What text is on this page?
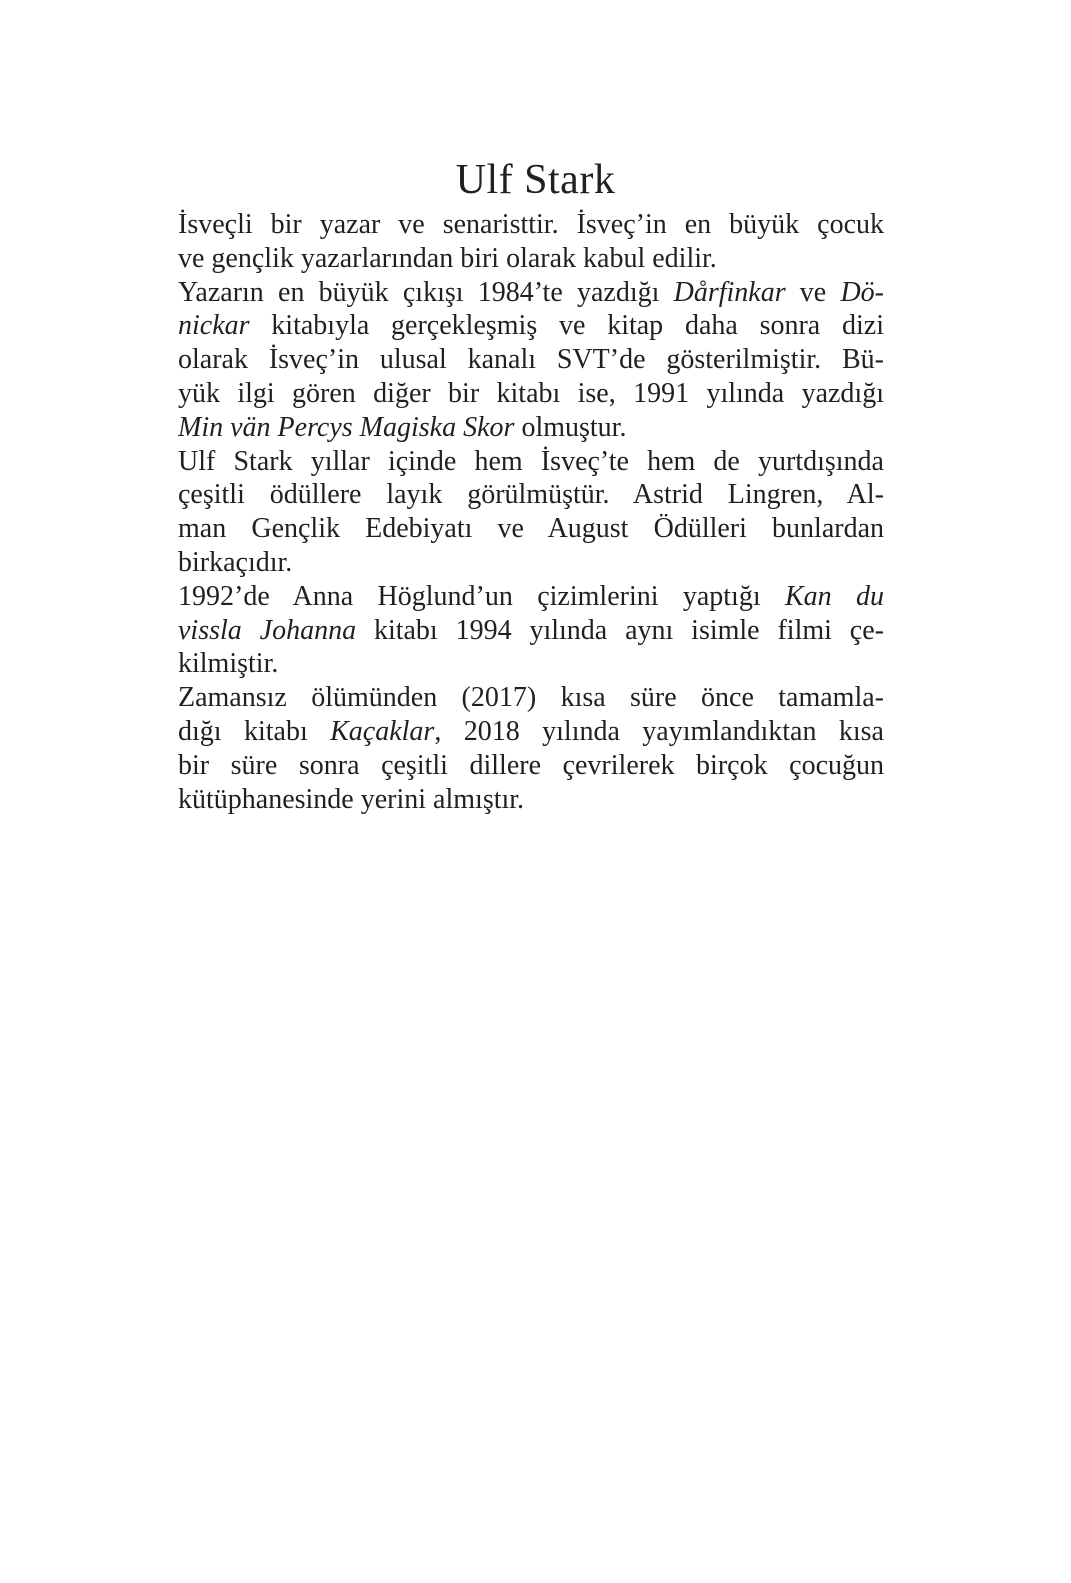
Ulf Stark
İsveçli bir yazar ve senaristtir. İsveç’in en büyük çocuk
ve gençlik yazarlarından biri olarak kabul edilir.
Yazarın en büyük çıkışı 1984’te yazdığı Dårfinkar ve Dö-
nickar kitabıyla gerçekleşmiş ve kitap daha sonra dizi
olarak İsveç’in ulusal kanalı SVT’de gösterilmiştir. Bü-
yük ilgi gören diğer bir kitabı ise, 1991 yılında yazdığı
Min vän Percys Magiska Skor olmuştur.
Ulf Stark yıllar içinde hem İsveç’te hem de yurtdışında
çeşitli ödüllere layık görülmüştür. Astrid Lingren, Al-
man Gençlik Edebiyatı ve August Ödülleri bunlardan
birkaçıdır.
1992’de Anna Höglund’un çizimlerini yaptığı Kan du
vissla Johanna kitabı 1994 yılında aynı isimle filmi çe-
kilmiştir.
Zamansız ölümünden (2017) kısa süre önce tamamla-
dığı kitabı Kaçaklar, 2018 yılında yayımlandıktan kısa
bir süre sonra çeşitli dillere çevrilerek birçok çocuğun
kütüphanesinde yerini almıştır.
